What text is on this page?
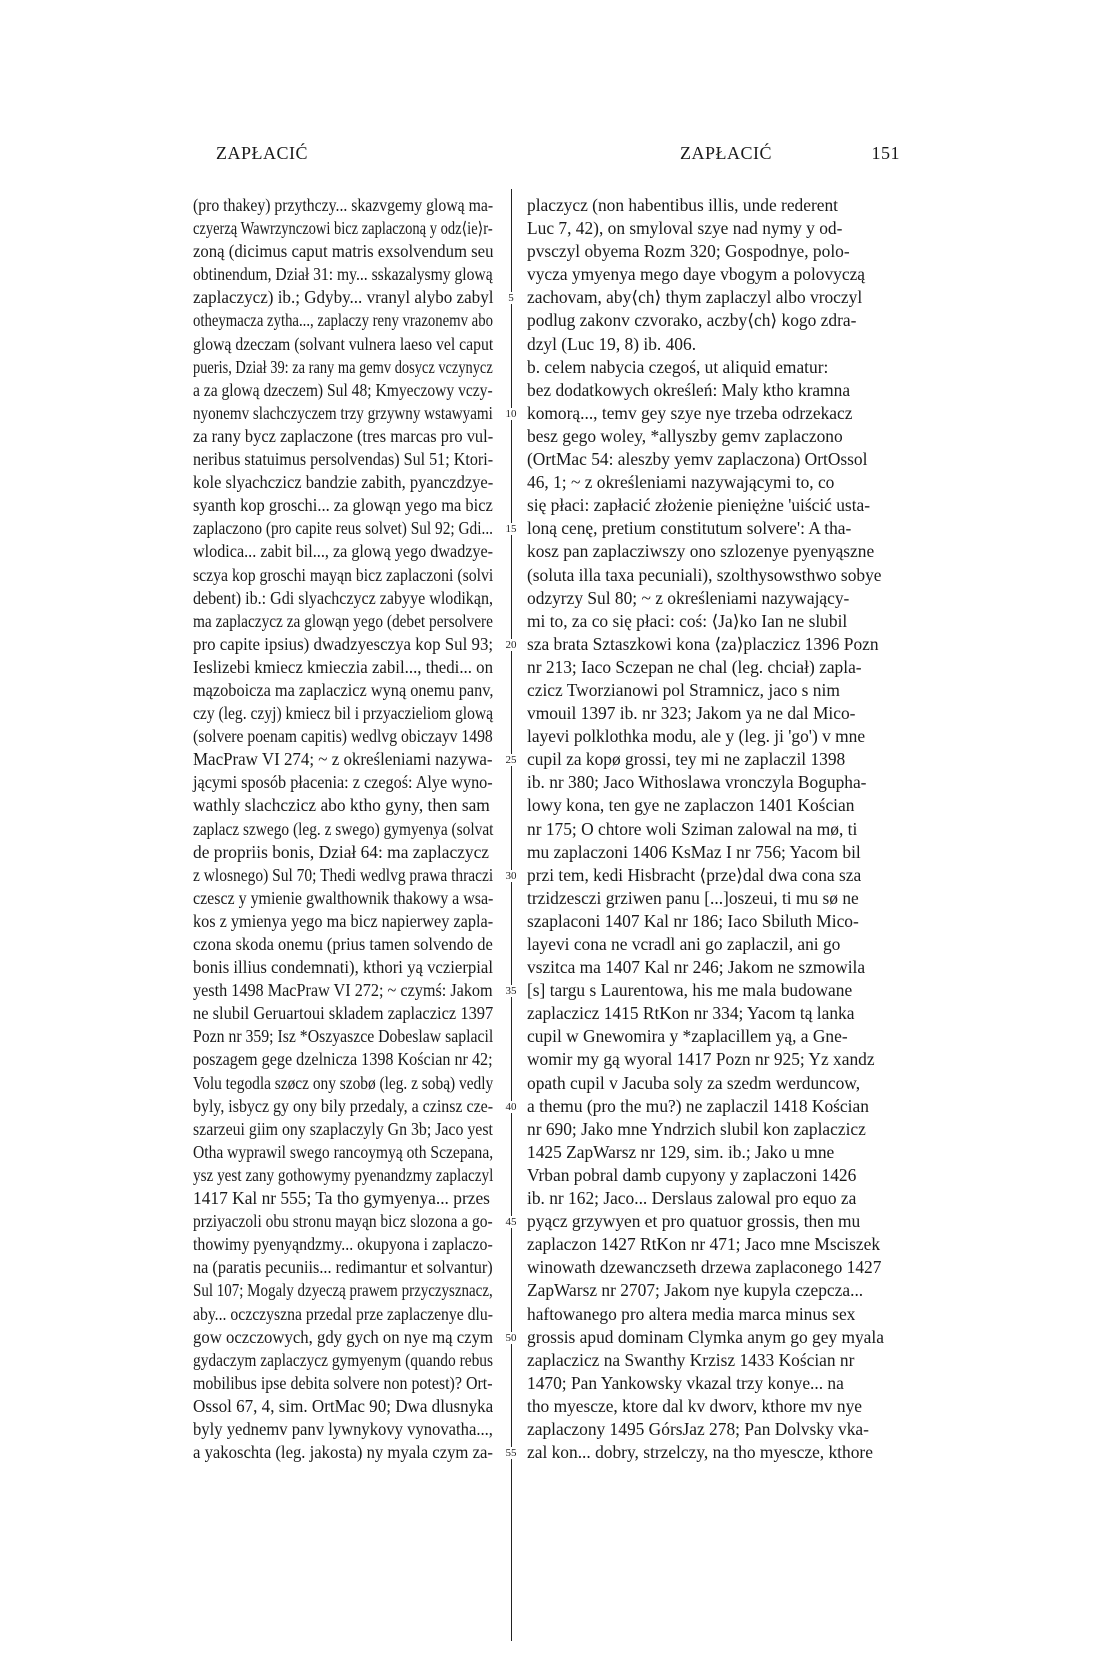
ZAPŁACIĆ	ZAPŁACIĆ	151
(pro thakey) przythczy... skazvgemy glową ma-
czyerzą Wawrzynczowi bicz zaplaczoną y odz⟨ie⟩r-
zoną (dicimus caput matris exsolvendum seu
obtinendum, Dział 31: my... sskazalysmy glową
zaplaczycz) ib.; Gdyby... vranyl alybo zabyl
otheymacza zytha..., zaplaczy reny vrazonemv abo
glową dzeczam (solvant vulnera laeso vel caput
pueris, Dział 39: za rany ma gemv dosycz vczynycz
a za glową dzeczem) Sul 48; Kmyeczowy vczy-
nyonemv slachczyczem trzy grzywny wstawyami
za rany bycz zaplaczone (tres marcas pro vul-
neribus statuimus persolvendas) Sul 51; Ktori-
kole slyachczicz bandzie zabith, pyanczdzye-
syanth kop groschi... za glowąn yego ma bicz
zaplaczono (pro capite reus solvet) Sul 92; Gdi...
wlodica... zabit bil..., za glową yego dwadzye-
sczya kop groschi mayąn bicz zaplaczoni (solvi
debent) ib.: Gdi slyachczycz zabyye wlodikąn,
ma zaplaczycz za glowąn yego (debet persolvere
pro capite ipsius) dwadzyesczya kop Sul 93;
Ieslizebi kmiecz kmieczia zabil..., thedi... on
mązoboicza ma zaplaczicz wyną onemu panv,
czy (leg. czyj) kmiecz bil i przyaczieliom glową
(solvere poenam capitis) wedlvg obiczayv 1498
MacPraw VI 274; ~ z określeniami nazywa-
jącymi sposób płacenia: z czegoś: Alye wyno-
wathly slachczicz abo ktho gyny, then sam
zaplacz szwego (leg. z swego) gymyenya (solvat
de propriis bonis, Dział 64: ma zaplaczycz
z wlosnego) Sul 70; Thedi wedlvg prawa thraczi
czescz y ymienie gwalthownik thakowy a wsa-
kos z ymienya yego ma bicz napierwey zapla-
czona skoda onemu (prius tamen solvendo de
bonis illius condemnati), kthori yą vczierpial
yesth 1498 MacPraw VI 272; ~ czymś: Jakom
ne slubil Geruartoui skladem zaplaczicz 1397
Pozn nr 359; Isz *Oszyaszce Dobeslaw saplacil
poszagem gege dzelnicza 1398 Kościan nr 42;
Volu tegodla szøcz ony szobø (leg. z sobą) vedly
byly, isbycz gy ony bily przedaly, a czinsz cze-
szarzeui giim ony szaplaczyly Gn 3b; Jaco yest
Otha wyprawil swego rancoymyą oth Sczepana,
ysz yest zany gothowymy pyenandzmy zaplaczyl
1417 Kal nr 555; Ta tho gymyenya... przes
prziyaczoli obu stronu mayąn bicz slozona a go-
thowimy pyenyąndzmy... okupyona i zaplaczo-
na (paratis pecuniis... redimantur et solvantur)
Sul 107; Mogaly dzyeczą prawem przyczysznacz,
aby... oczczyszna przedal prze zaplaczenye dlu-
gow oczczowych, gdy gych on nye mą czym
gydaczym zaplaczycz gymyenym (quando rebus
mobilibus ipse debita solvere non potest)? Ort-
Ossol 67, 4, sim. OrtMac 90; Dwa dlusnyka
byly yednemv panv lywnykovy vynovatha...,
a yakoschta (leg. jakosta) ny myala czym za-
5
10
15
20
25
30
35
40
45
50
55
placzycz (non habentibus illis, unde rederent
Luc 7, 42), on smyloval szye nad nymy y od-
pvsczyl obyema Rozm 320; Gospodnye, polo-
vycza ymyenya mego daye vbogym a polovyczą
zachovam, aby⟨ch⟩ thym zaplaczyl albo vroczyl
podlug zakonv czvorako, aczby⟨ch⟩ kogo zdra-
dzyl (Luc 19, 8) ib. 406.
b. celem nabycia czegoś, ut aliquid ematur:
bez dodatkowych określeń: Maly ktho kramna
komorą..., temv gey szye nye trzeba odrzekacz
besz gego woley, *allyszby gemv zaplaczono
(OrtMac 54: aleszby yemv zaplaczona) OrtOssol
46, 1; ~ z określeniami nazywającymi to, co
się płaci: zapłacić złożenie pieniężne 'uiścić usta-
loną cenę, pretium constitutum solvere': A tha-
kosz pan zaplacziwszy ono szlozenye pyenyąszne
(soluta illa taxa pecuniali), szolthysowsthwo sobye
odzyrzy Sul 80; ~ z określeniami nazywający-
mi to, za co się płaci: coś: ⟨Ja⟩ko Ian ne slubil
sza brata Sztaszkowi kona ⟨za⟩placzicz 1396 Pozn
nr 213; Iaco Sczepan ne chal (leg. chciał) zapla-
czicz Tworzianowi pol Stramnicz, jaco s nim
vmouil 1397 ib. nr 323; Jakom ya ne dal Mico-
layevi polklothka modu, ale y (leg. ji 'go') v mne
cupil za kopø grossi, tey mi ne zaplaczil 1398
ib. nr 380; Jaco Withoslawa vronczyla Bogupha-
lowy kona, ten gye ne zaplaczon 1401 Kościan
nr 175; O chtore woli Sziman zalowal na mø, ti
mu zaplaczoni 1406 KsMaz I nr 756; Yacom bil
przi tem, kedi Hisbracht ⟨prze⟩dal dwa cona sza
trzidzesczi grziwen panu [...]oszeui, ti mu sø ne
szaplaconi 1407 Kal nr 186; Iaco Sbiluth Mico-
layevi cona ne vcradl ani go zaplaczil, ani go
vszitca ma 1407 Kal nr 246; Jakom ne szmowila
[s] targu s Laurentowa, his me mala budowane
zaplaczicz 1415 RtKon nr 334; Yacom tą lanka
cupil w Gnewomira y *zaplacillem yą, a Gne-
womir my gą wyoral 1417 Pozn nr 925; Yz xandz
opath cupil v Jacuba soly za szedm werduncow,
a themu (pro the mu?) ne zaplaczil 1418 Kościan
nr 690; Jako mne Yndrzich slubil kon zaplaczicz
1425 ZapWarsz nr 129, sim. ib.; Jako u mne
Vrban pobral damb cupyony y zaplaczoni 1426
ib. nr 162; Jaco... Derslaus zalowal pro equo za
pyącz grzywyen et pro quatuor grossis, then mu
zaplaczon 1427 RtKon nr 471; Jaco mne Msciszek
winowath dzewanczseth drzewa zaplaconego 1427
ZapWarsz nr 2707; Jakom nye kupyla czepcza...
haftowanego pro altera media marca minus sex
grossis apud dominam Clymka anym go gey myala
zaplaczicz na Swanthy Krzisz 1433 Kościan nr
1470; Pan Yankowsky vkazal trzy konye... na
tho myescze, ktore dal kv dworv, kthore mv nye
zaplaczony 1495 GórsJaz 278; Pan Dolvsky vka-
zal kon... dobry, strzelczy, na tho myescze, kthore
